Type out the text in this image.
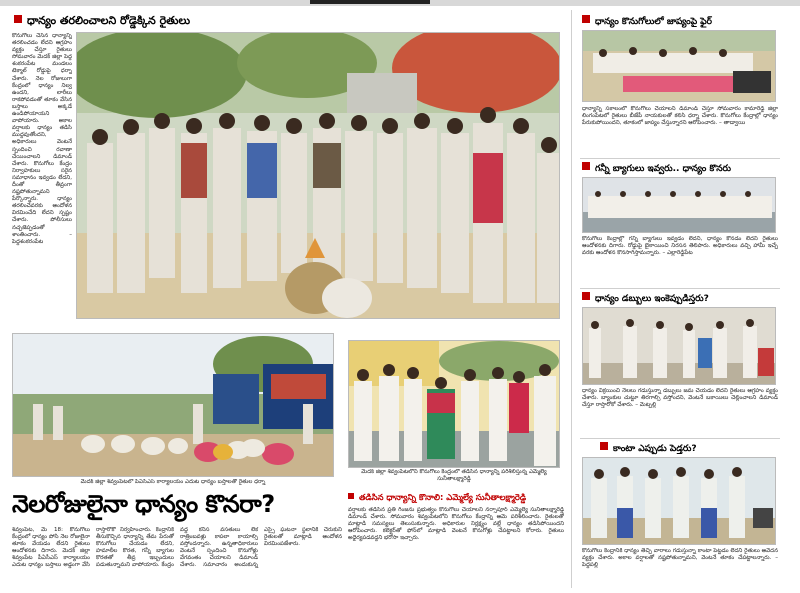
ధాన్యం తరలించాలని రోడ్డెక్కిన రైతులు
కొనుగోలు చేసిన ధాన్యాన్ని తరలించడం లేదని ఆగ్రహం వ్యక్తం చేస్తూ రైతులు సోమవారం మెదక్ జిల్లా పెద్ద శంకరంపేట మండలం టెక్మాల్ రోడ్డుపై ధర్నా చేశారు. నెల రోజులుగా కేంద్రంలో ధాన్యం నిల్వ ఉందని, లారీలు రాకపోవడంతో తూకం వేసిన బస్తాలు అక్కడే ఉండిపోయాయని వాపోయారు. అకాల వర్షాలకు ధాన్యం తడిసి ముద్దవుతోందని, అధికారులు వెంటనే స్పందించి రవాణా చేయించాలని డిమాండ్ చేశారు. కొనుగోలు కేంద్రం నిర్వాహకులు సరైన సమాధానం ఇవ్వడం లేదని, దీంతో తీవ్రంగా నష్టపోతున్నామని పేర్కొన్నారు. ధాన్యం తరలించేవరకు ఆందోళన విరమించేది లేదని స్పష్టం చేశారు. పోలీసులు నచ్చజెప్పడంతో శాంతించారు. – పెద్దశంకరంపేట
మెదక్ జిల్లా శివ్వంపేటలో పీఏసీఎస్ కార్యాలయం ఎదుట ధాన్యం బస్తాలతో రైతుల ధర్నా
మెదక్ జిల్లా శివ్వంపేటలోని కొనుగోలు కేంద్రంలో తడిసిన ధాన్యాన్ని పరిశీలిస్తున్న ఎమ్మెల్యే సునీతాలక్ష్మారెడ్డి
నెలరోజులైనా ధాన్యం కొనరా?
శివ్వంపేట, మే 18: కొనుగోలు కేంద్రంలో ధాన్యం పోసి నెల రోజులైనా తూకం వేయడం లేదని రైతులు ఆందోళనకు దిగారు. మెదక్ జిల్లా శివ్వంపేట పీఏసీఎస్ కార్యాలయం ఎదుట ధాన్యం బస్తాలు అడ్డంగా వేసి రాస్తారోకో నిర్వహించారు. కేంద్రానికి తీసుకొచ్చిన ధాన్యాన్ని తేమ పేరుతో కొనుగోలు చేయడం లేదని, హమాలీల కొరత, గన్నీ బ్యాగుల కొరతతో తీవ్ర ఇబ్బందులు పడుతున్నామని వాపోయారు. కేంద్రం వద్ద కనీస వసతులు లేక రాత్రింబవళ్లు కాపలా కాయాల్సి వస్తోందన్నారు. ఉన్నతాధికారులు వెంటనే స్పందించి కొనుగోళ్లు వేగవంతం చేయాలని డిమాండ్ చేశారు. సమాచారం అందుకున్న ఎస్సై ఘటనా స్థలానికి చేరుకుని రైతులతో మాట్లాడి ఆందోళన విరమింపజేశారు.
తడిసిన ధాన్యాన్ని కొనాలి: ఎమ్మెల్యే సునీతాలక్ష్మారెడ్డి
వర్షాలకు తడిసిన ప్రతి గింజను ప్రభుత్వం కొనుగోలు చేయాలని నర్సాపూర్ ఎమ్మెల్యే సునీతాలక్ష్మారెడ్డి డిమాండ్ చేశారు. సోమవారం శివ్వంపేటలోని కొనుగోలు కేంద్రాన్ని ఆమె పరిశీలించారు. రైతులతో మాట్లాడి సమస్యలు తెలుసుకున్నారు. అధికారుల నిర్లక్ష్యం వల్లే ధాన్యం తడిసిపోయిందని ఆరోపించారు. కలెక్టర్‌తో ఫోన్‌లో మాట్లాడి వెంటనే కొనుగోళ్లు చేపట్టాలని కోరారు. రైతులు అధైర్యపడవద్దని భరోసా ఇచ్చారు.
ధాన్యం కొనుగోలులో జాప్యంపై ఫైర్
ధాన్యాన్ని సకాలంలో కొనుగోలు చేయాలని డిమాండ్ చేస్తూ సోమవారం కామారెడ్డి జిల్లా లింగంపేటలో రైతులు బీజేపీ నాయకులతో కలిసి ధర్నా చేశారు. కొనుగోలు కేంద్రాల్లో ధాన్యం పేరుకుపోయిందని, తూకంలో జాప్యం చేస్తున్నారని ఆరోపించారు. – తాడ్వాయి
గన్నీ బ్యాగులు ఇవ్వరు.. ధాన్యం కొనరు
కొనుగోలు కేంద్రాల్లో గన్నీ బ్యాగులు ఇవ్వడం లేదని, ధాన్యం కొనడం లేదని రైతులు ఆందోళనకు దిగారు. రోడ్డుపై బైఠాయించి నిరసన తెలిపారు. అధికారులు వచ్చి హామీ ఇచ్చే వరకు ఆందోళన కొనసాగిస్తామన్నారు. – ఎల్లారెడ్డిపేట
ధాన్యం డబ్బులు ఇంకెప్పుడిస్తరు?
ధాన్యం విక్రయించి నెలలు గడుస్తున్నా డబ్బులు జమ చేయడం లేదని రైతులు ఆగ్రహం వ్యక్తం చేశారు. బ్యాంకుల చుట్టూ తిరగాల్సి వస్తోందని, వెంటనే బకాయిలు చెల్లించాలని డిమాండ్ చేస్తూ రాస్తారోకో చేశారు. – మెట్పల్లి
కాంటా ఎప్పుడు పెడ్తరు?
కొనుగోలు కేంద్రానికి ధాన్యం తెచ్చి వారాలు గడుస్తున్నా కాంటా పెట్టడం లేదని రైతులు ఆవేదన వ్యక్తం చేశారు. అకాల వర్షాలతో నష్టపోతున్నామని, వెంటనే తూకం చేపట్టాలన్నారు. – పెద్దపల్లి
